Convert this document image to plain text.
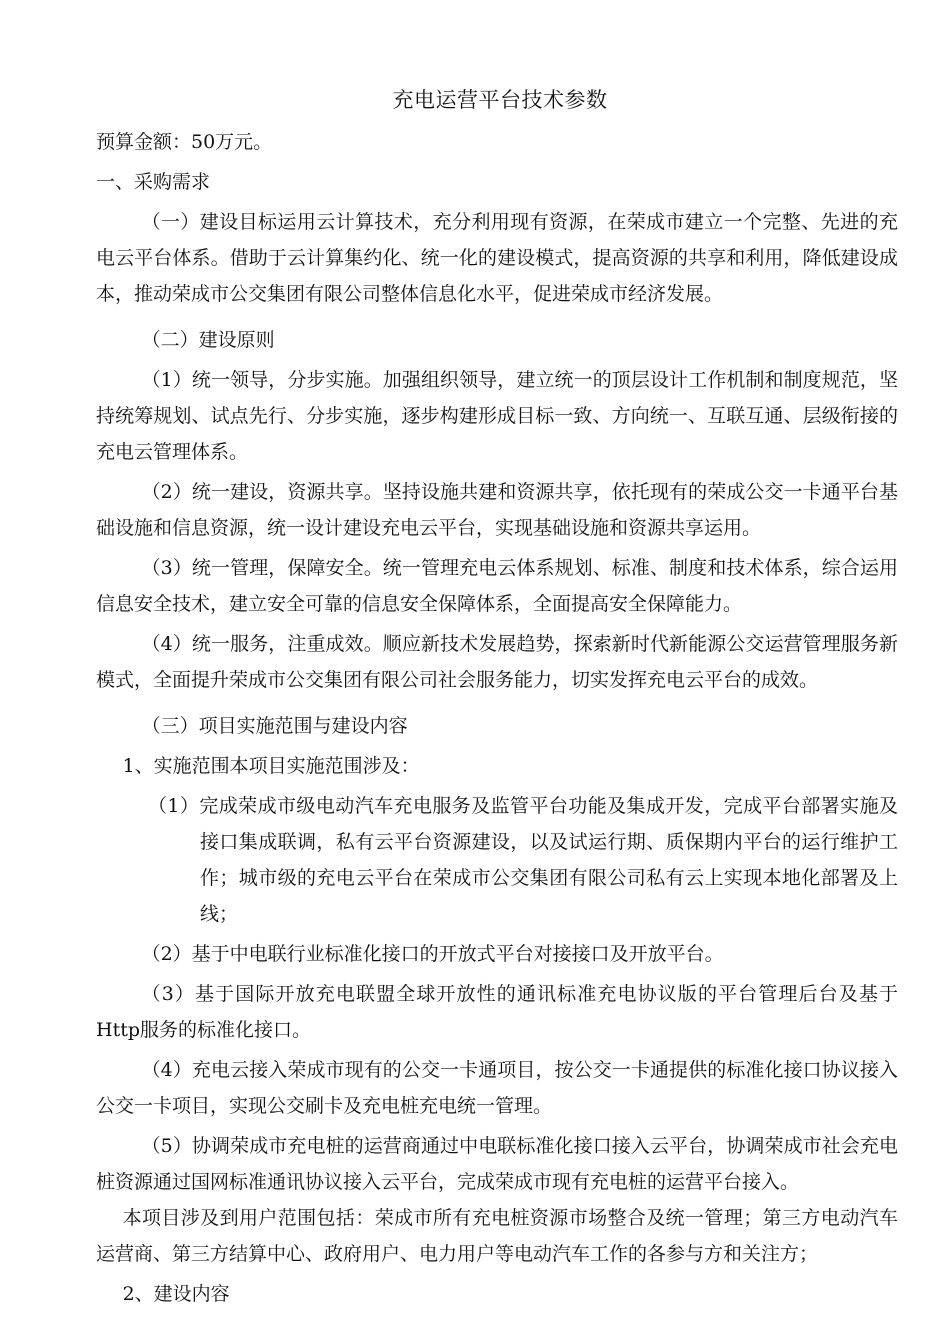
充电运营平台技术参数

预算金额：50万元。

一、采购需求

（一）建设目标运用云计算技术，充分利用现有资源，在荣成市建立一个完整、先进的充电云平台体系。借助于云计算集约化、统一化的建设模式，提高资源的共享和利用，降低建设成本，推动荣成市公交集团有限公司整体信息化水平，促进荣成市经济发展。

（二）建设原则

（1）统一领导，分步实施。加强组织领导，建立统一的顶层设计工作机制和制度规范，坚持统筹规划、试点先行、分步实施，逐步构建形成目标一致、方向统一、互联互通、层级衔接的充电云管理体系。

（2）统一建设，资源共享。坚持设施共建和资源共享，依托现有的荣成公交一卡通平台基础设施和信息资源，统一设计建设充电云平台，实现基础设施和资源共享运用。

（3）统一管理，保障安全。统一管理充电云体系规划、标准、制度和技术体系，综合运用信息安全技术，建立安全可靠的信息安全保障体系，全面提高安全保障能力。

（4）统一服务，注重成效。顺应新技术发展趋势，探索新时代新能源公交运营管理服务新模式，全面提升荣成市公交集团有限公司社会服务能力，切实发挥充电云平台的成效。

（三）项目实施范围与建设内容

1、实施范围本项目实施范围涉及：

（1）完成荣成市级电动汽车充电服务及监管平台功能及集成开发，完成平台部署实施及接口集成联调，私有云平台资源建设，以及试运行期、质保期内平台的运行维护工作；城市级的充电云平台在荣成市公交集团有限公司私有云上实现本地化部署及上线；

（2）基于中电联行业标准化接口的开放式平台对接接口及开放平台。

（3）基于国际开放充电联盟全球开放性的通讯标准充电协议版的平台管理后台及基于Http服务的标准化接口。

（4）充电云接入荣成市现有的公交一卡通项目，按公交一卡通提供的标准化接口协议接入公交一卡项目，实现公交刷卡及充电桩充电统一管理。

（5）协调荣成市充电桩的运营商通过中电联标准化接口接入云平台，协调荣成市社会充电桩资源通过国网标准通讯协议接入云平台，完成荣成市现有充电桩的运营平台接入。

本项目涉及到用户范围包括：荣成市所有充电桩资源市场整合及统一管理；第三方电动汽车运营商、第三方结算中心、政府用户、电力用户等电动汽车工作的各参与方和关注方；

2、建设内容
